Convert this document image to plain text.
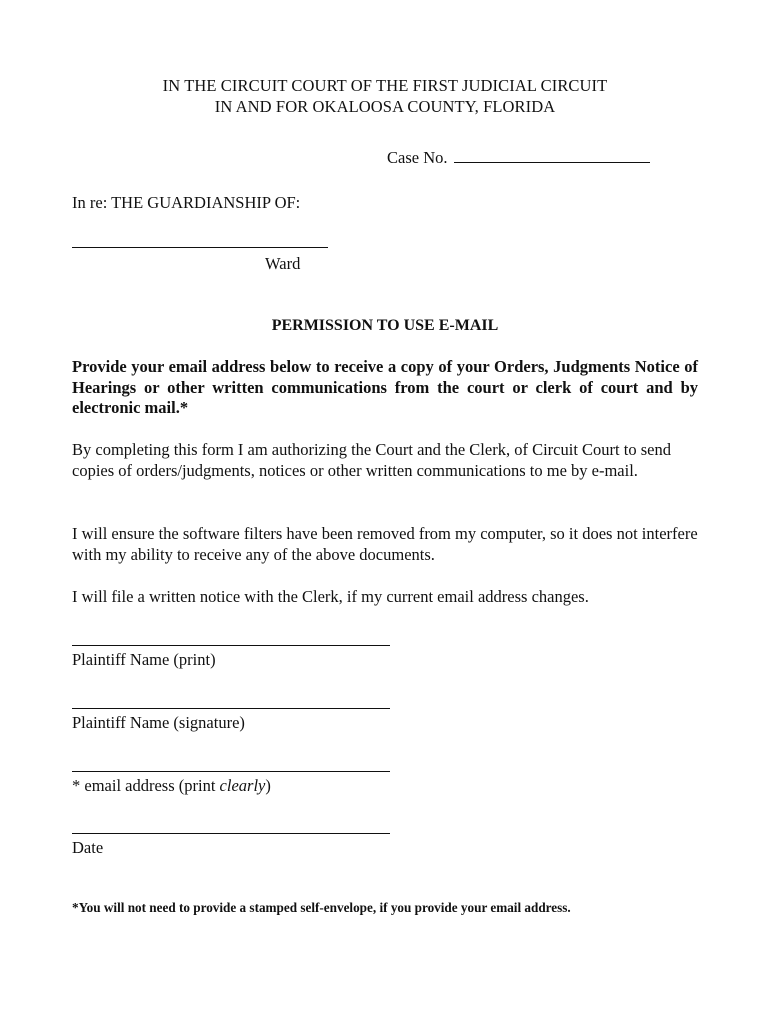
IN THE CIRCUIT COURT OF THE FIRST JUDICIAL CIRCUIT
IN AND FOR OKALOOSA COUNTY, FLORIDA
Case No.
In re: THE GUARDIANSHIP OF:
Ward
PERMISSION TO USE E-MAIL
Provide your email address below to receive a copy of your Orders, Judgments Notice of Hearings or other written communications from the court or clerk of court and by electronic mail.*
By completing this form I am authorizing the Court and the Clerk, of Circuit Court to send copies of orders/judgments, notices or other written communications to me by e-mail.
I will ensure the software filters have been removed from my computer, so it does not interfere with my ability to receive any of the above documents.
I will file a written notice with the Clerk, if my current email address changes.
Plaintiff Name (print)
Plaintiff Name (signature)
* email address (print clearly)
Date
*You will not need to provide a stamped self-envelope, if you provide your email address.
